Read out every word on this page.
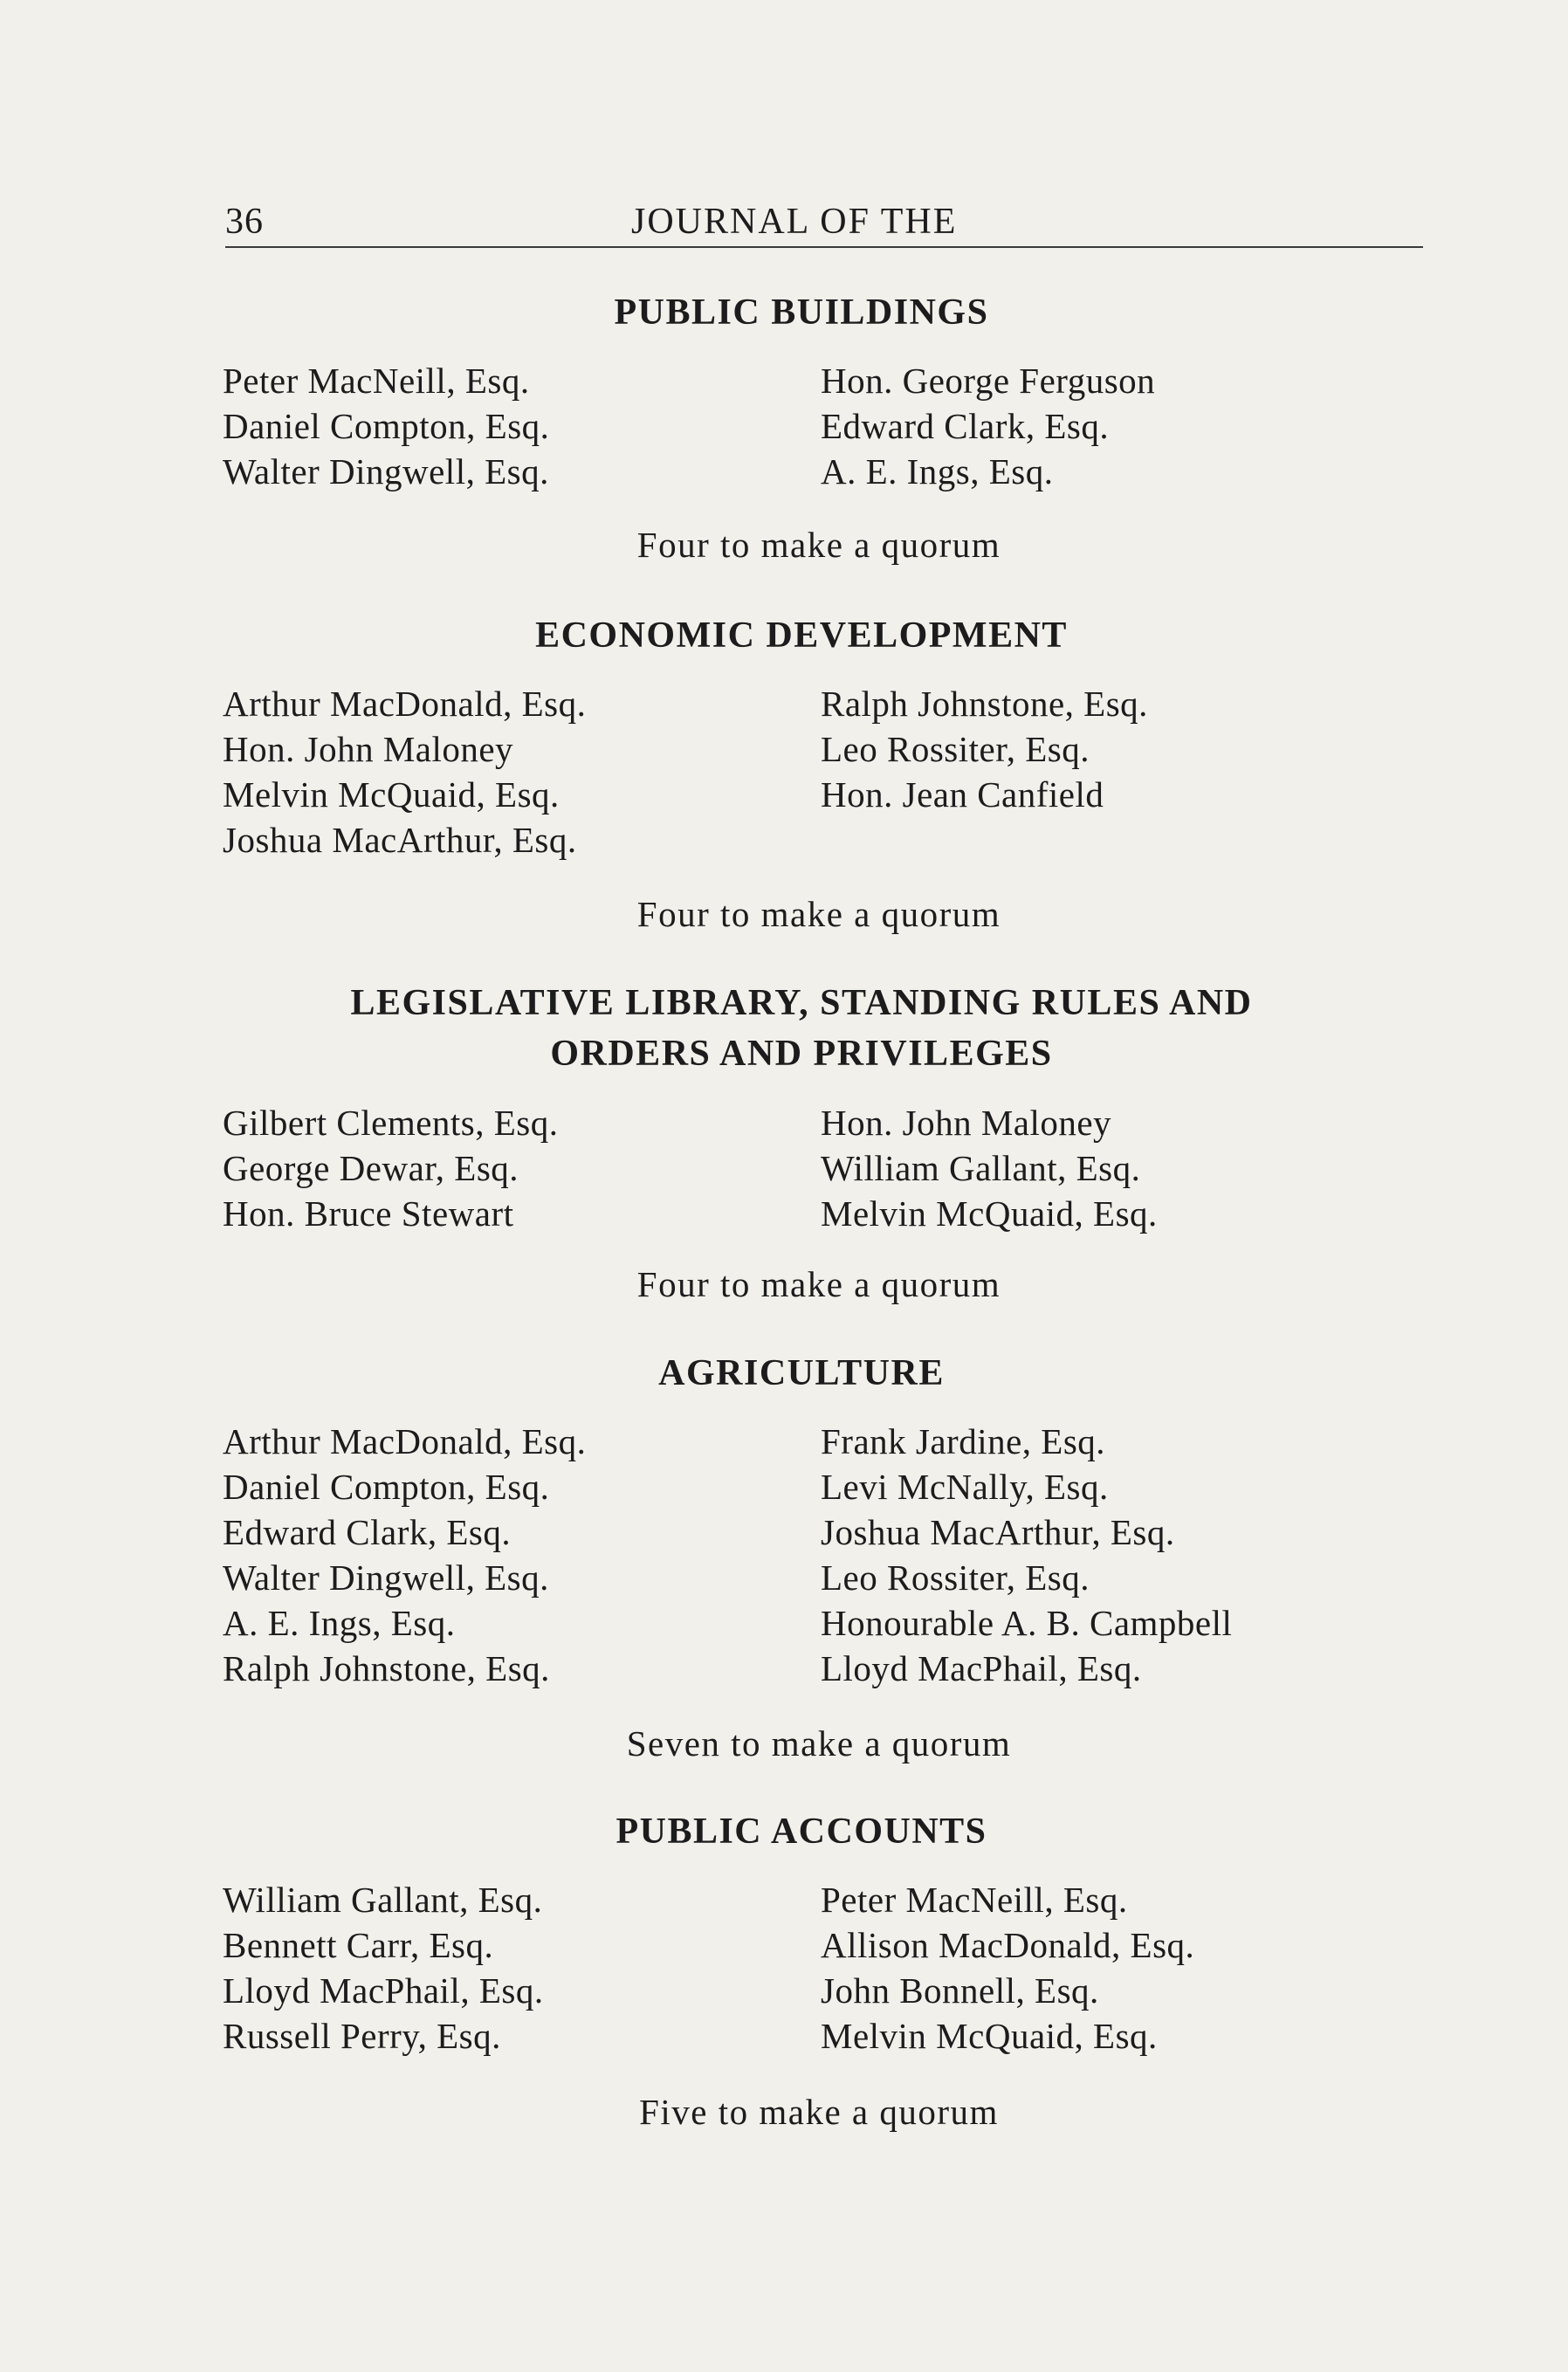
36	JOURNAL OF THE
PUBLIC BUILDINGS
Peter MacNeill, Esq.
Daniel Compton, Esq.
Walter Dingwell, Esq.
Hon. George Ferguson
Edward Clark, Esq.
A. E. Ings, Esq.
Four to make a quorum
ECONOMIC DEVELOPMENT
Arthur MacDonald, Esq.
Hon. John Maloney
Melvin McQuaid, Esq.
Joshua MacArthur, Esq.
Ralph Johnstone, Esq.
Leo Rossiter, Esq.
Hon. Jean Canfield
Four to make a quorum
LEGISLATIVE LIBRARY, STANDING RULES AND
ORDERS AND PRIVILEGES
Gilbert Clements, Esq.
George Dewar, Esq.
Hon. Bruce Stewart
Hon. John Maloney
William Gallant, Esq.
Melvin McQuaid, Esq.
Four to make a quorum
AGRICULTURE
Arthur MacDonald, Esq.
Daniel Compton, Esq.
Edward Clark, Esq.
Walter Dingwell, Esq.
A. E. Ings, Esq.
Ralph Johnstone, Esq.
Frank Jardine, Esq.
Levi McNally, Esq.
Joshua MacArthur, Esq.
Leo Rossiter, Esq.
Honourable A. B. Campbell
Lloyd MacPhail, Esq.
Seven to make a quorum
PUBLIC ACCOUNTS
William Gallant, Esq.
Bennett Carr, Esq.
Lloyd MacPhail, Esq.
Russell Perry, Esq.
Peter MacNeill, Esq.
Allison MacDonald, Esq.
John Bonnell, Esq.
Melvin McQuaid, Esq.
Five to make a quorum
